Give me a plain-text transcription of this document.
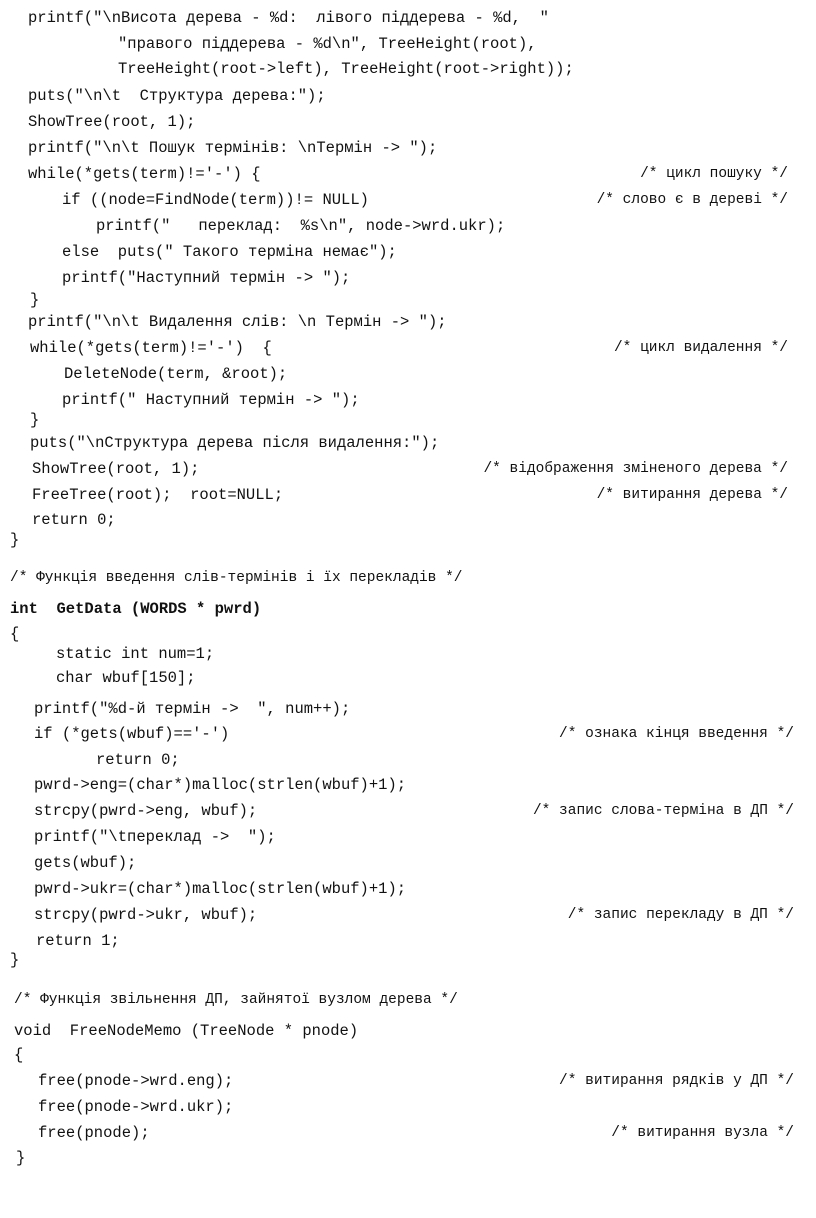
printf("\nВисота дерева - %d:  лівого піддерева - %d,  "

"правого піддерева - %d\n", TreeHeight(root),

TreeHeight(root->left), TreeHeight(root->right));

puts("\n\t  Структура дерева:");

ShowTree(root, 1);

printf("\n\t Пошук термінів: \nТермін -> ");

while(*gets(term)!='-') {

	/* цикл пошуку */

if ((node=FindNode(term))!= NULL)

	/* слово є в дереві */

printf("   переклад:  %s\n", node->wrd.ukr);

else  puts(" Такого терміна немає");

printf("Наступний термін -> ");

}

printf("\n\t Видалення слів: \n Термін -> ");

while(*gets(term)!='-')  {

	/* цикл видалення */

DeleteNode(term, &root);

printf(" Наступний термін -> ");

}

puts("\nСтруктура дерева після видалення:");

ShowTree(root, 1);

	/* відображення зміненого дерева */

FreeTree(root);  root=NULL;

	/* витирання дерева */

return 0;

}

/* Функція введення слів-термінів і їх перекладів */

int  GetData (WORDS * pwrd)

{

static int num=1;

char wbuf[150];

printf("%d-й термін ->  ", num++);

if (*gets(wbuf)=='-')

	/* ознака кінця введення */

return 0;

pwrd->eng=(char*)malloc(strlen(wbuf)+1);

strcpy(pwrd->eng, wbuf);

	/* запис слова-терміна в ДП */

printf("\tпереклад ->  ");

gets(wbuf);

pwrd->ukr=(char*)malloc(strlen(wbuf)+1);

strcpy(pwrd->ukr, wbuf);

	/* запис перекладу в ДП */

return 1;

}

/* Функція звільнення ДП, зайнятої вузлом дерева */

void  FreeNodeMemo (TreeNode * pnode)

{

free(pnode->wrd.eng);

	/* витирання рядків у ДП */

free(pnode->wrd.ukr);

free(pnode);

	/* витирання вузла */

}
